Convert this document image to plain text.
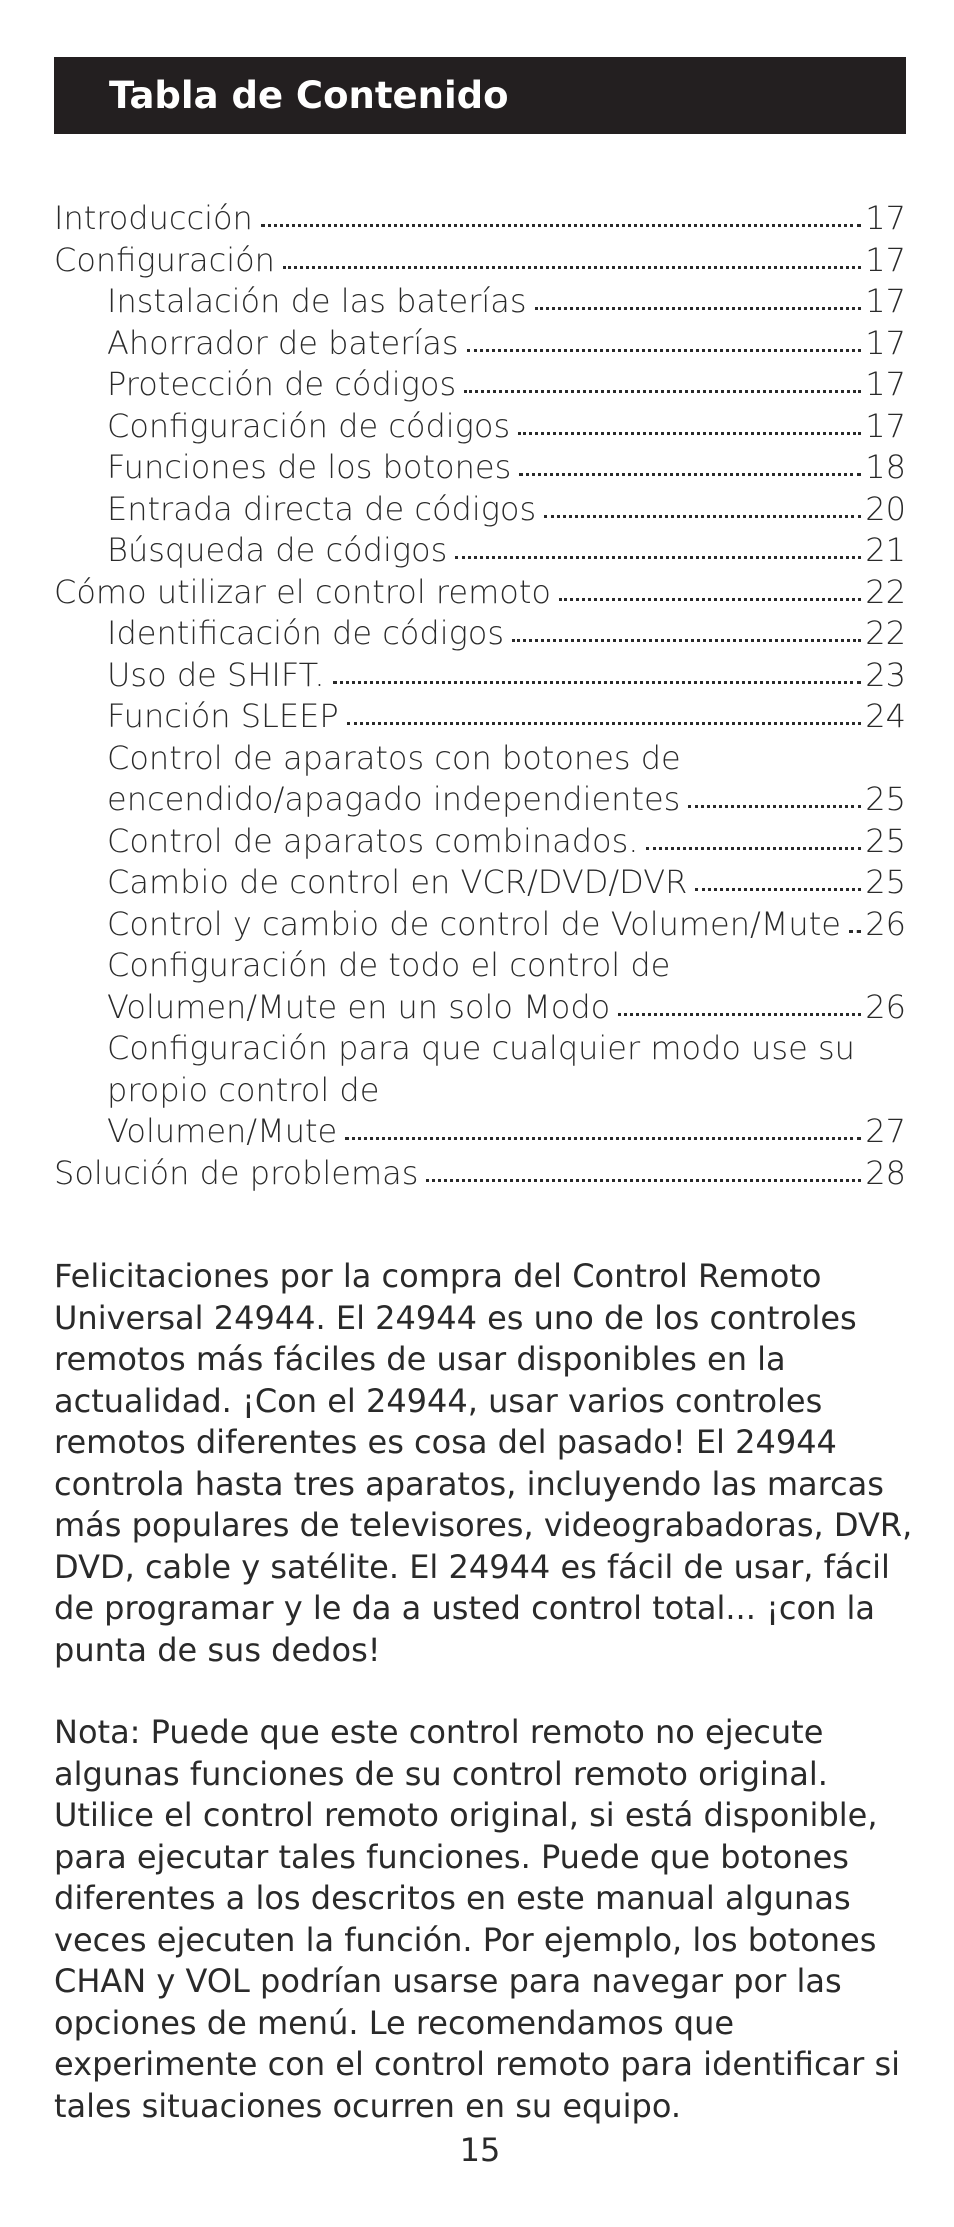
Tabla de Contenido
Introducción	17
Configuración	17
Instalación de las baterías	17
Ahorrador de baterías	17
Protección de códigos	17
Configuración de códigos	17
Funciones de los botones	18
Entrada directa de códigos	20
Búsqueda de códigos	21
Cómo utilizar el control remoto	22
Identificación de códigos	22
Uso de SHIFT.	23
Función SLEEP	24
Control de aparatos con botones de
encendido/apagado independientes	25
Control de aparatos combinados.	25
Cambio de control en VCR/DVD/DVR	25
Control y cambio de control de Volumen/Mute 26
Configuración de todo el control de
Volumen/Mute en un solo Modo	26
Configuración para que cualquier modo use su
propio control de
Volumen/Mute	27
Solución de problemas	28

Felicitaciones por la compra del Control Remoto Universal 24944. El 24944 es uno de los controles remotos más fáciles de usar disponibles en la actualidad. ¡Con el 24944, usar varios controles remotos diferentes es cosa del pasado! El 24944 controla hasta tres aparatos, incluyendo las marcas más populares de televisores, videograbadoras, DVR, DVD, cable y satélite. El 24944 es fácil de usar, fácil de programar y le da a usted control total... ¡con la punta de sus dedos!

Nota: Puede que este control remoto no ejecute algunas funciones de su control remoto original. Utilice el control remoto original, si está disponible, para ejecutar tales funciones. Puede que botones diferentes a los descritos en este manual algunas veces ejecuten la función. Por ejemplo, los botones CHAN y VOL podrían usarse para navegar por las opciones de menú. Le recomendamos que experimente con el control remoto para identificar si tales situaciones ocurren en su equipo.

15
